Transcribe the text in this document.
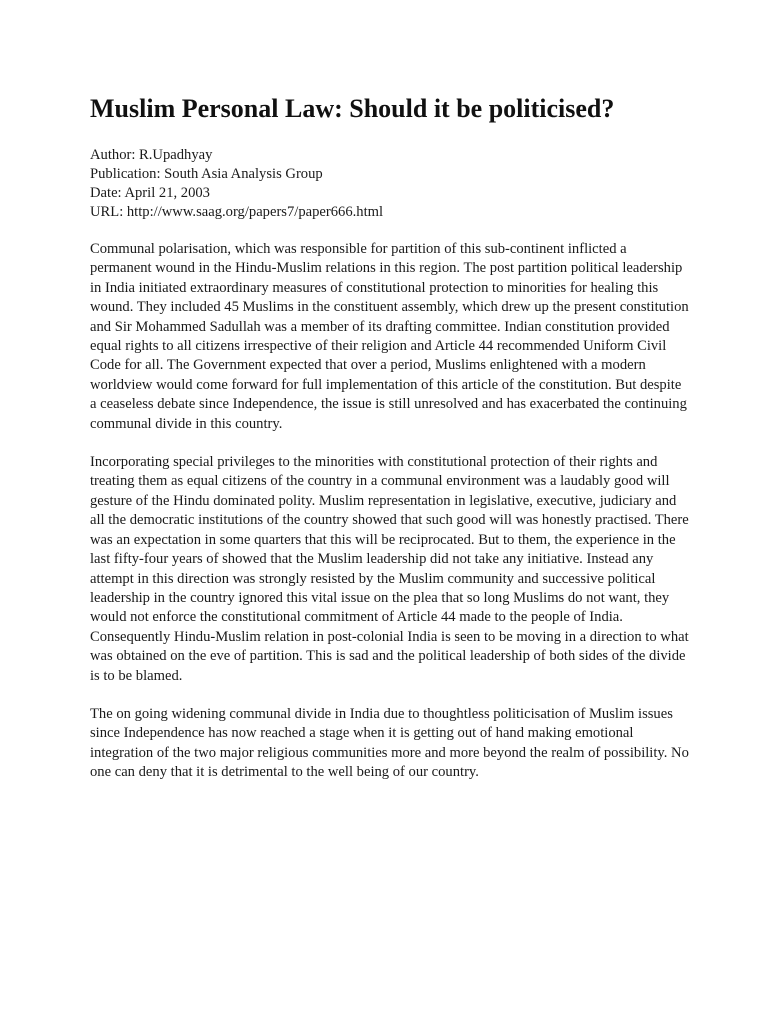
Muslim Personal Law: Should it be politicised?
Author: R.Upadhyay
Publication: South Asia Analysis Group
Date: April 21, 2003
URL: http://www.saag.org/papers7/paper666.html

Communal polarisation, which was responsible for partition of this sub-continent inflicted a permanent wound in the Hindu-Muslim relations in this region. The post partition political leadership in India initiated extraordinary measures of constitutional protection to minorities for healing this wound. They included 45 Muslims in the constituent assembly, which drew up the present constitution and Sir Mohammed Sadullah was a member of its drafting committee. Indian constitution provided equal rights to all citizens irrespective of their religion and Article 44 recommended Uniform Civil Code for all. The Government expected that over a period, Muslims enlightened with a modern worldview would come forward for full implementation of this article of the constitution. But despite a ceaseless debate since Independence, the issue is still unresolved and has exacerbated the continuing communal divide in this country.

Incorporating special privileges to the minorities with constitutional protection of their rights and treating them as equal citizens of the country in a communal environment was a laudably good will gesture of the Hindu dominated polity. Muslim representation in legislative, executive, judiciary and all the democratic institutions of the country showed that such good will was honestly practised. There was an expectation in some quarters that this will be reciprocated. But to them, the experience in the last fifty-four years of showed that the Muslim leadership did not take any initiative. Instead any attempt in this direction was strongly resisted by the Muslim community and successive political leadership in the country ignored this vital issue on the plea that so long Muslims do not want, they would not enforce the constitutional commitment of Article 44 made to the people of India. Consequently Hindu-Muslim relation in post-colonial India is seen to be moving in a direction to what was obtained on the eve of partition. This is sad and the political leadership of both sides of the divide is to be blamed.

The on going widening communal divide in India due to thoughtless politicisation of Muslim issues since Independence has now reached a stage when it is getting out of hand making emotional integration of the two major religious communities more and more beyond the realm of possibility. No one can deny that it is detrimental to the well being of our country.
